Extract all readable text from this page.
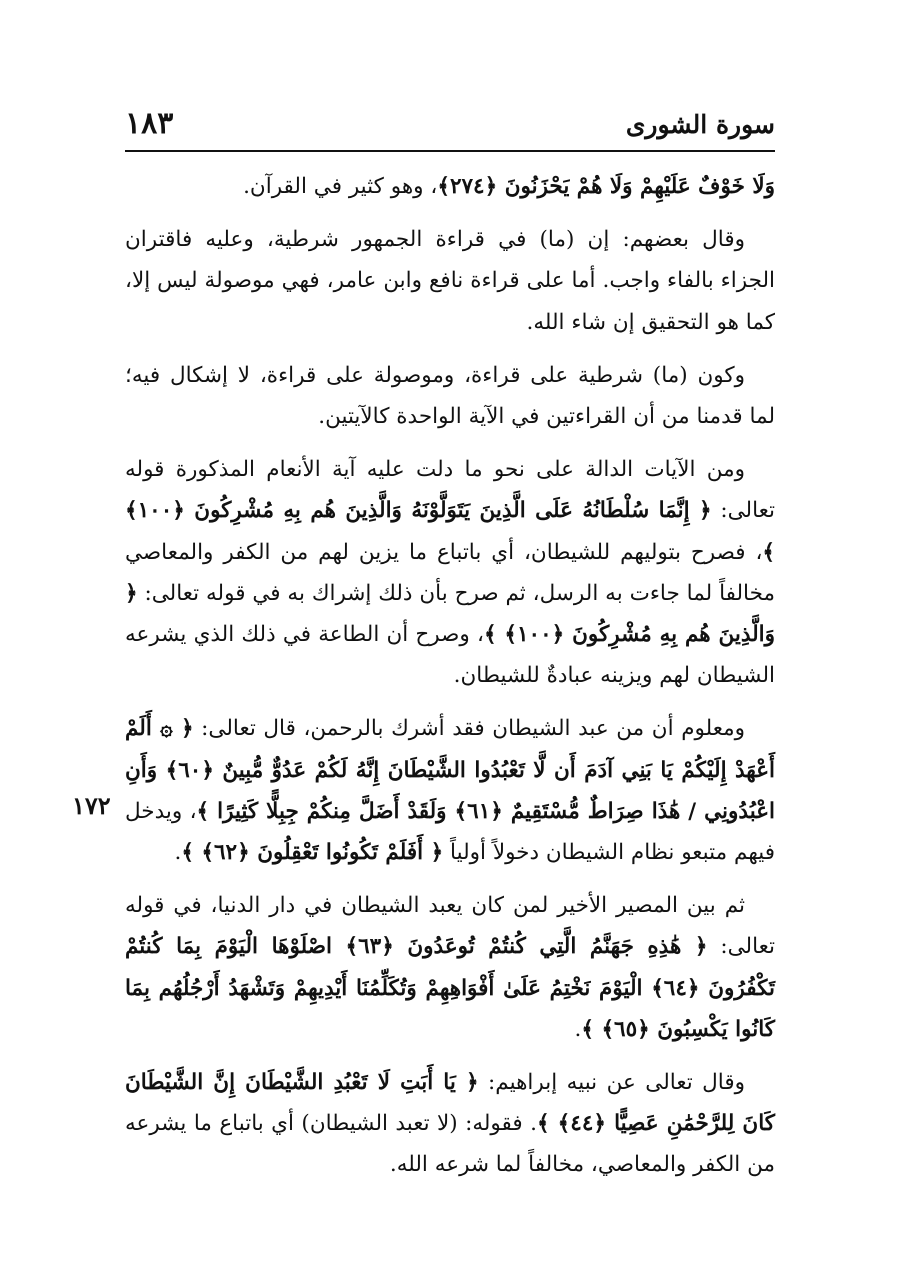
سورة الشورى
١٨٣
١٧٢

وَلَا خَوْفٌ عَلَيْهِمْ وَلَا هُمْ يَحْزَنُونَ ﴿٢٧٤﴾، وهو كثير في القرآن.

وقال بعضهم: إن (ما) في قراءة الجمهور شرطية، وعليه فاقتران الجزاء بالفاء واجب. أما على قراءة نافع وابن عامر، فهي موصولة ليس إلا، كما هو التحقيق إن شاء الله.

وكون (ما) شرطية على قراءة، وموصولة على قراءة، لا إشكال فيه؛ لما قدمنا من أن القراءتين في الآية الواحدة كالآيتين.

ومن الآيات الدالة على نحو ما دلت عليه آية الأنعام المذكورة قوله تعالى: ﴿ إِنَّمَا سُلْطَانُهُ عَلَى الَّذِينَ يَتَوَلَّوْنَهُ وَالَّذِينَ هُم بِهِ مُشْرِكُونَ ﴿١٠٠﴾ ﴾، فصرح بتوليهم للشيطان، أي باتباع ما يزين لهم من الكفر والمعاصي مخالفاً لما جاءت به الرسل، ثم صرح بأن ذلك إشراك به في قوله تعالى: ﴿ وَالَّذِينَ هُم بِهِ مُشْرِكُونَ ﴿١٠٠﴾ ﴾، وصرح أن الطاعة في ذلك الذي يشرعه الشيطان لهم ويزينه عبادةٌ للشيطان.

ومعلوم أن من عبد الشيطان فقد أشرك بالرحمن، قال تعالى: ﴿ ۞ أَلَمْ أَعْهَدْ إِلَيْكُمْ يَا بَنِي آدَمَ أَن لَّا تَعْبُدُوا الشَّيْطَانَ إِنَّهُ لَكُمْ عَدُوٌّ مُّبِينٌ ﴿٦٠﴾ وَأَنِ اعْبُدُونِي / هَٰذَا صِرَاطٌ مُّسْتَقِيمٌ ﴿٦١﴾ وَلَقَدْ أَضَلَّ مِنكُمْ جِبِلًّا كَثِيرًا ﴾، ويدخل فيهم متبعو نظام الشيطان دخولاً أولياً ﴿ أَفَلَمْ تَكُونُوا تَعْقِلُونَ ﴿٦٢﴾ ﴾.

ثم بين المصير الأخير لمن كان يعبد الشيطان في دار الدنيا، في قوله تعالى: ﴿ هَٰذِهِ جَهَنَّمُ الَّتِي كُنتُمْ تُوعَدُونَ ﴿٦٣﴾ اصْلَوْهَا الْيَوْمَ بِمَا كُنتُمْ تَكْفُرُونَ ﴿٦٤﴾ الْيَوْمَ نَخْتِمُ عَلَىٰ أَفْوَاهِهِمْ وَتُكَلِّمُنَا أَيْدِيهِمْ وَتَشْهَدُ أَرْجُلُهُم بِمَا كَانُوا يَكْسِبُونَ ﴿٦٥﴾ ﴾.

وقال تعالى عن نبيه إبراهيم: ﴿ يَا أَبَتِ لَا تَعْبُدِ الشَّيْطَانَ إِنَّ الشَّيْطَانَ كَانَ لِلرَّحْمَٰنِ عَصِيًّا ﴿٤٤﴾ ﴾. فقوله: (لا تعبد الشيطان) أي باتباع ما يشرعه من الكفر والمعاصي، مخالفاً لما شرعه الله.
